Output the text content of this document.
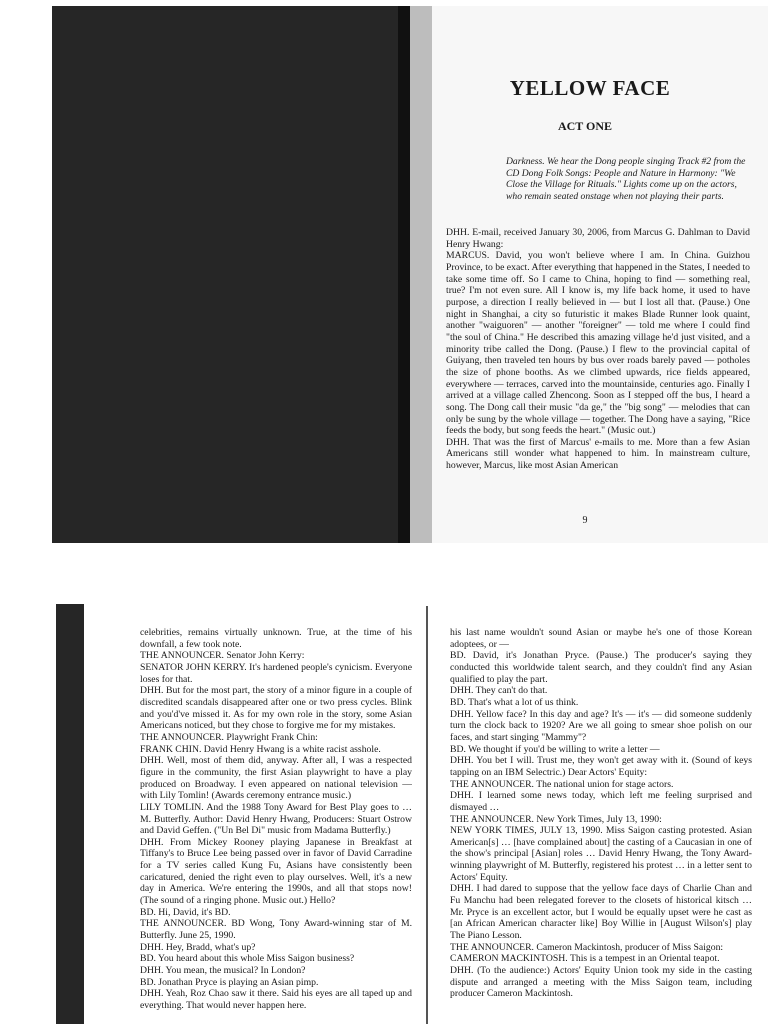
YELLOW FACE
ACT ONE
Darkness. We hear the Dong people singing Track #2 from the CD Dong Folk Songs: People and Nature in Harmony: "We Close the Village for Rituals." Lights come up on the actors, who remain seated onstage when not playing their parts.

DHH. E-mail, received January 30, 2006, from Marcus G. Dahlman to David Henry Hwang:

MARCUS. David, you won't believe where I am. In China. Guizhou Province, to be exact. After everything that happened in the States, I needed to take some time off. So I came to China, hoping to find — something real, true? I'm not even sure. All I know is, my life back home, it used to have purpose, a direction I really believed in — but I lost all that. (Pause.) One night in Shanghai, a city so futuristic it makes Blade Runner look quaint, another "waiguoren" — another "foreigner" — told me where I could find "the soul of China." He described this amazing village he'd just visited, and a minority tribe called the Dong. (Pause.) I flew to the provincial capital of Guiyang, then traveled ten hours by bus over roads barely paved — potholes the size of phone booths. As we climbed upwards, rice fields appeared, everywhere — terraces, carved into the mountainside, centuries ago. Finally I arrived at a village called Zhencong. Soon as I stepped off the bus, I heard a song. The Dong call their music "da ge," the "big song" — melodies that can only be sung by the whole village — together. The Dong have a saying, "Rice feeds the body, but song feeds the heart." (Music out.)

DHH. That was the first of Marcus' e-mails to me. More than a few Asian Americans still wonder what happened to him. In mainstream culture, however, Marcus, like most Asian American

9

celebrities, remains virtually unknown. True, at the time of his downfall, a few took note.

THE ANNOUNCER. Senator John Kerry:

SENATOR JOHN KERRY. It's hardened people's cynicism. Everyone loses for that.

DHH. But for the most part, the story of a minor figure in a couple of discredited scandals disappeared after one or two press cycles. Blink and you'd've missed it. As for my own role in the story, some Asian Americans noticed, but they chose to forgive me for my mistakes.

THE ANNOUNCER. Playwright Frank Chin:

FRANK CHIN. David Henry Hwang is a white racist asshole.

DHH. Well, most of them did, anyway. After all, I was a respected figure in the community, the first Asian playwright to have a play produced on Broadway. I even appeared on national television — with Lily Tomlin! (Awards ceremony entrance music.)

LILY TOMLIN. And the 1988 Tony Award for Best Play goes to … M. Butterfly. Author: David Henry Hwang, Producers: Stuart Ostrow and David Geffen. ("Un Bel Di" music from Madama Butterfly.)

DHH. From Mickey Rooney playing Japanese in Breakfast at Tiffany's to Bruce Lee being passed over in favor of David Carradine for a TV series called Kung Fu, Asians have consistently been caricatured, denied the right even to play ourselves. Well, it's a new day in America. We're entering the 1990s, and all that stops now! (The sound of a ringing phone. Music out.) Hello?

BD. Hi, David, it's BD.

THE ANNOUNCER. BD Wong, Tony Award-winning star of M. Butterfly. June 25, 1990.

DHH. Hey, Bradd, what's up?

BD. You heard about this whole Miss Saigon business?

DHH. You mean, the musical? In London?

BD. Jonathan Pryce is playing an Asian pimp.

DHH. Yeah, Roz Chao saw it there. Said his eyes are all taped up and everything. That would never happen here.

his last name wouldn't sound Asian or maybe he's one of those Korean adoptees, or —

BD. David, it's Jonathan Pryce. (Pause.) The producer's saying they conducted this worldwide talent search, and they couldn't find any Asian qualified to play the part.

DHH. They can't do that.

BD. That's what a lot of us think.

DHH. Yellow face? In this day and age? It's — it's — did someone suddenly turn the clock back to 1920? Are we all going to smear shoe polish on our faces, and start singing "Mammy"?

BD. We thought if you'd be willing to write a letter —

DHH. You bet I will. Trust me, they won't get away with it. (Sound of keys tapping on an IBM Selectric.) Dear Actors' Equity:

THE ANNOUNCER. The national union for stage actors.

DHH. I learned some news today, which left me feeling surprised and dismayed …

THE ANNOUNCER. New York Times, July 13, 1990:

NEW YORK TIMES, JULY 13, 1990. Miss Saigon casting protested. Asian American[s] … [have complained about] the casting of a Caucasian in one of the show's principal [Asian] roles … David Henry Hwang, the Tony Award-winning playwright of M. Butterfly, registered his protest … in a letter sent to Actors' Equity.

DHH. I had dared to suppose that the yellow face days of Charlie Chan and Fu Manchu had been relegated forever to the closets of historical kitsch … Mr. Pryce is an excellent actor, but I would be equally upset were he cast as [an African American character like] Boy Willie in [August Wilson's] play The Piano Lesson.

THE ANNOUNCER. Cameron Mackintosh, producer of Miss Saigon:

CAMERON MACKINTOSH. This is a tempest in an Oriental teapot.

DHH. (To the audience:) Actors' Equity Union took my side in the casting dispute and arranged a meeting with the Miss Saigon team, including producer Cameron Mackintosh.
